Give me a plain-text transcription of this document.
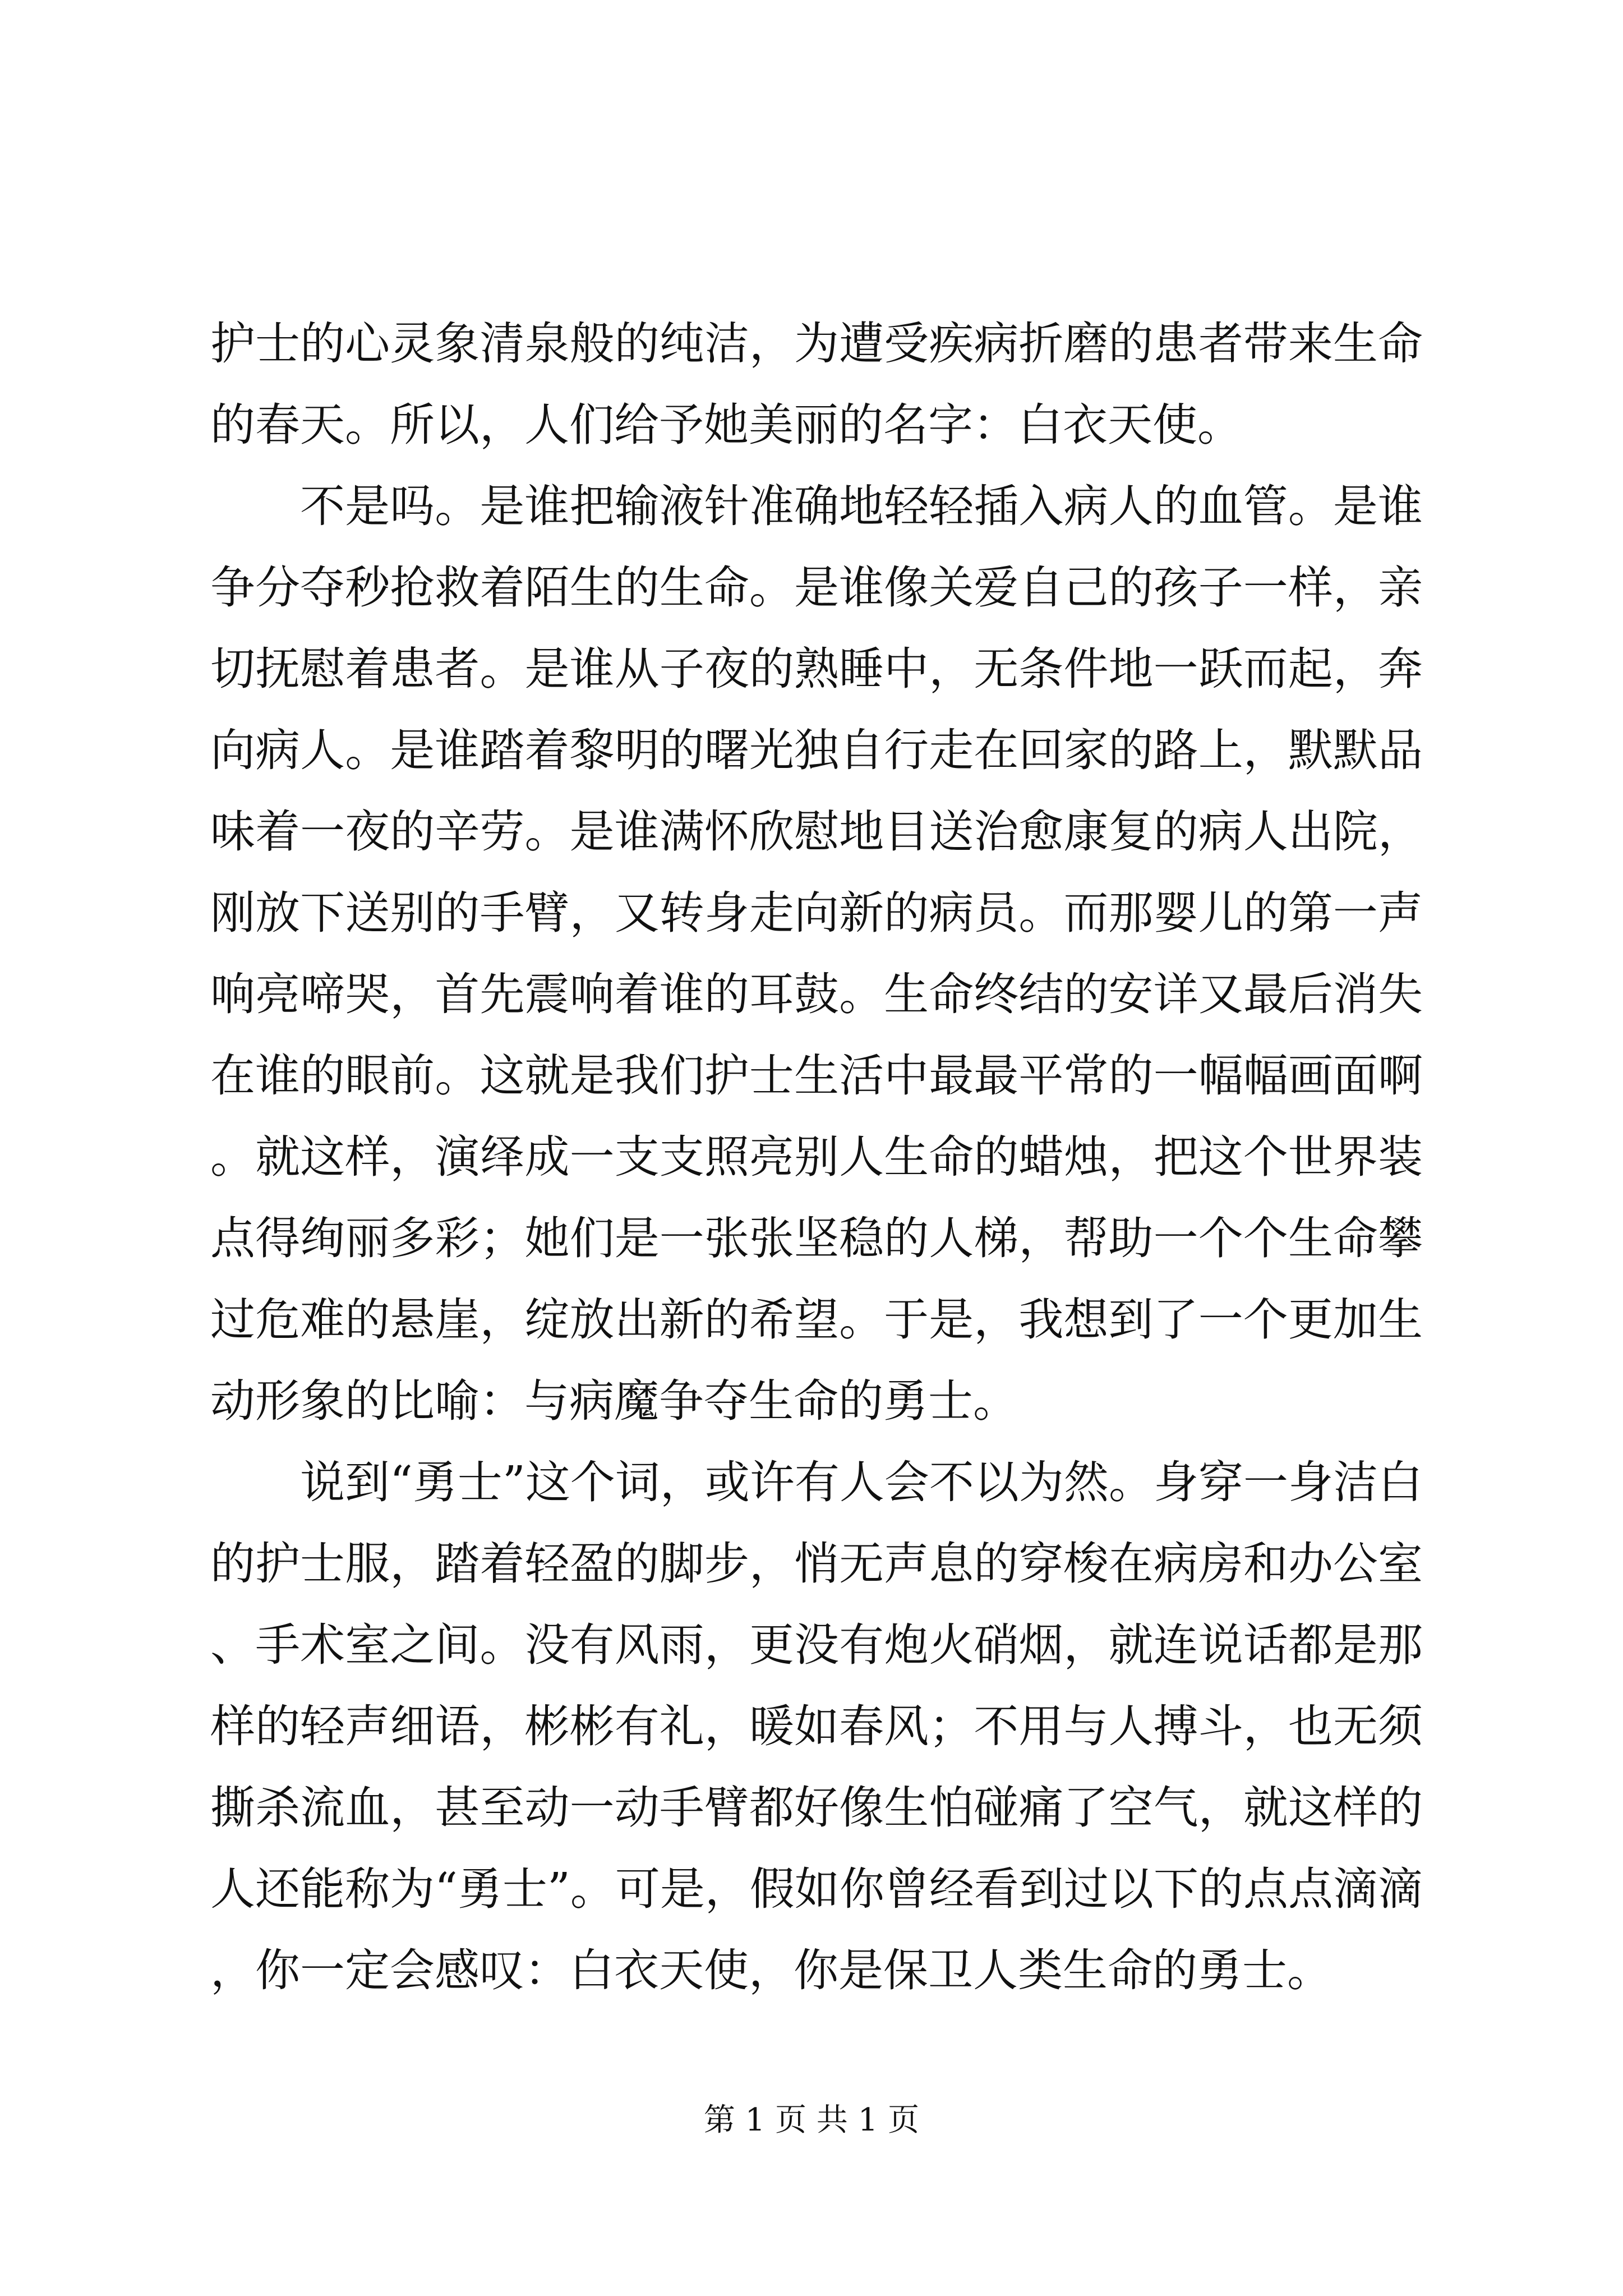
护士的心灵象清泉般的纯洁，为遭受疾病折磨的患者带来生命的春天。所以，人们给予她美丽的名字：白衣天使。

不是吗。是谁把输液针准确地轻轻插入病人的血管。是谁争分夺秒抢救着陌生的生命。是谁像关爱自己的孩子一样，亲切抚慰着患者。是谁从子夜的熟睡中，无条件地一跃而起，奔向病人。是谁踏着黎明的曙光独自行走在回家的路上，默默品味着一夜的辛劳。是谁满怀欣慰地目送治愈康复的病人出院，刚放下送别的手臂，又转身走向新的病员。而那婴儿的第一声响亮啼哭，首先震响着谁的耳鼓。生命终结的安详又最后消失在谁的眼前。这就是我们护士生活中最最平常的一幅幅画面啊。就这样，演绎成一支支照亮别人生命的蜡烛，把这个世界装点得绚丽多彩；她们是一张张坚稳的人梯，帮助一个个生命攀过危难的悬崖，绽放出新的希望。于是，我想到了一个更加生动形象的比喻：与病魔争夺生命的勇士。

说到“勇士”这个词，或许有人会不以为然。身穿一身洁白的护士服，踏着轻盈的脚步，悄无声息的穿梭在病房和办公室、手术室之间。没有风雨，更没有炮火硝烟，就连说话都是那样的轻声细语，彬彬有礼，暖如春风；不用与人搏斗，也无须撕杀流血，甚至动一动手臂都好像生怕碰痛了空气，就这样的人还能称为“勇士”。可是，假如你曾经看到过以下的点点滴滴，你一定会感叹：白衣天使，你是保卫人类生命的勇士。

第 1 页 共 1 页
